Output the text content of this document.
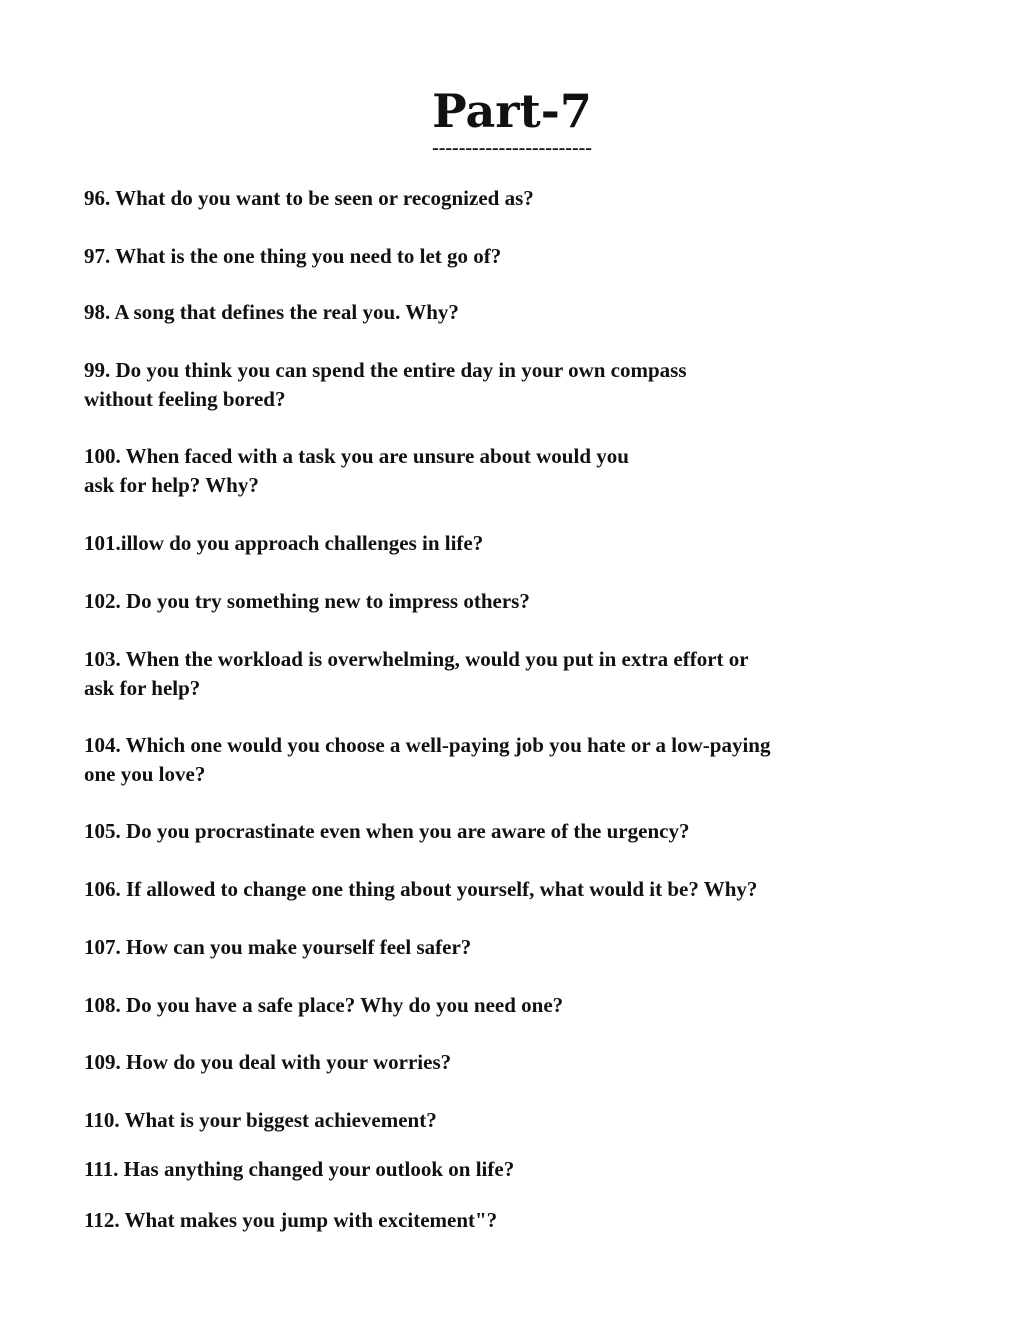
Part-7
------------------------
96. What do you want to be seen or recognized as?
97. What is the one thing you need to let go of?
98. A song that defines the real you. Why?
99. Do you think you can spend the entire day in your own compass
without feeling bored?
100. When faced with a task you are unsure about would you
ask for help? Why?
101.illow do you approach challenges in life?
102. Do you try something new to impress others?
103. When the workload is overwhelming, would you put in extra effort or
ask for help?
104. Which one would you choose a well-paying job you hate or a low-paying
one you love?
105. Do you procrastinate even when you are aware of the urgency?
106. If allowed to change one thing about yourself, what would it be? Why?
107. How can you make yourself feel safer?
108. Do you have a safe place? Why do you need one?
109. How do you deal with your worries?
110. What is your biggest achievement?
111. Has anything changed your outlook on life?
112. What makes you jump with excitement"?
